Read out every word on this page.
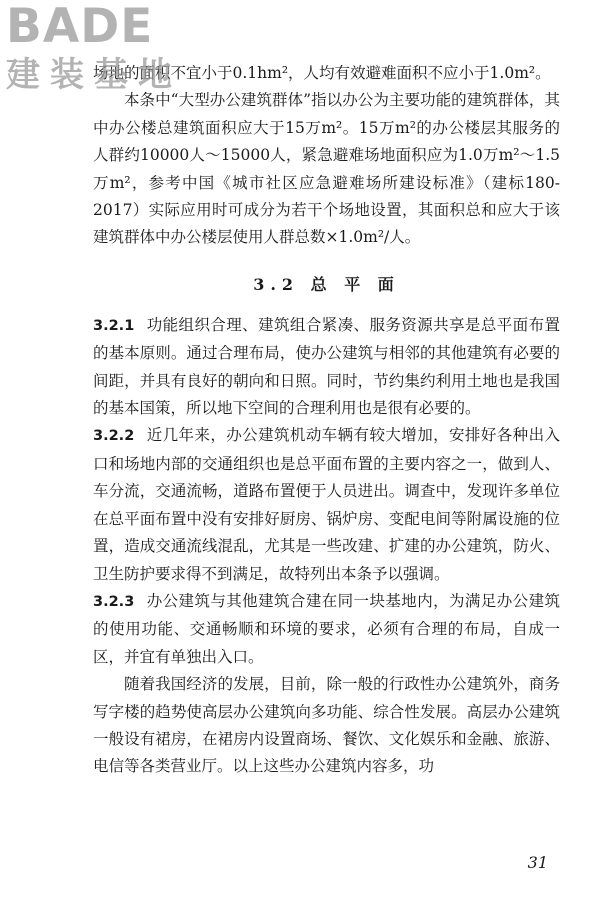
BADE
建装基地

场地的面积不宜小于0.1hm²，人均有效避难面积不应小于1.0m²。

本条中“大型办公建筑群体”指以办公为主要功能的建筑群体，其中办公楼总建筑面积应大于15万m²。15万m²的办公楼层其服务的人群约10000人～15000人，紧急避难场地面积应为1.0万m²～1.5万m²，参考中国《城市社区应急避难场所建设标准》（建标180-2017）实际应用时可成分为若干个场地设置，其面积总和应大于该建筑群体中办公楼层使用人群总数×1.0m²/人。

3.2 总 平 面

3.2.1 功能组织合理、建筑组合紧凑、服务资源共享是总平面布置的基本原则。通过合理布局，使办公建筑与相邻的其他建筑有必要的间距，并具有良好的朝向和日照。同时，节约集约利用土地也是我国的基本国策，所以地下空间的合理利用也是很有必要的。

3.2.2 近几年来，办公建筑机动车辆有较大增加，安排好各种出入口和场地内部的交通组织也是总平面布置的主要内容之一，做到人、车分流，交通流畅，道路布置便于人员进出。调查中，发现许多单位在总平面布置中没有安排好厨房、锅炉房、变配电间等附属设施的位置，造成交通流线混乱，尤其是一些改建、扩建的办公建筑，防火、卫生防护要求得不到满足，故特列出本条予以强调。

3.2.3 办公建筑与其他建筑合建在同一块基地内，为满足办公建筑的使用功能、交通畅顺和环境的要求，必须有合理的布局，自成一区，并宜有单独出入口。

随着我国经济的发展，目前，除一般的行政性办公建筑外，商务写字楼的趋势使高层办公建筑向多功能、综合性发展。高层办公建筑一般设有裙房，在裙房内设置商场、餐饮、文化娱乐和金融、旅游、电信等各类营业厅。以上这些办公建筑内容多，功

31
